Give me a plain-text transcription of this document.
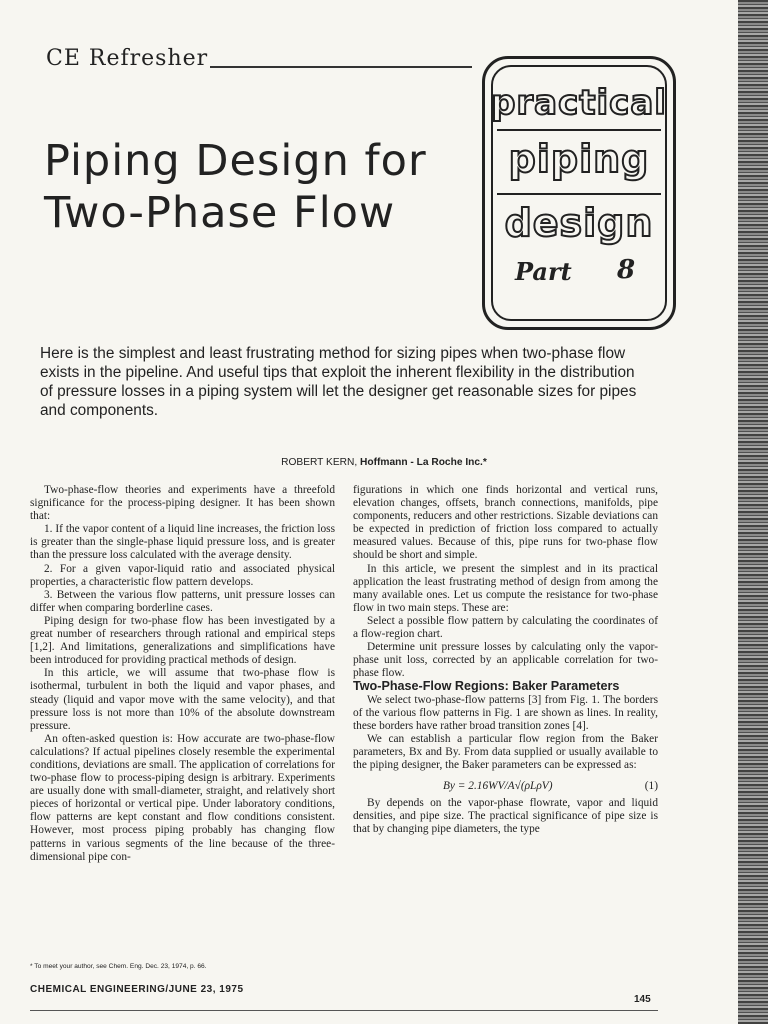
CE Refresher
Piping Design for
Two-Phase Flow
practical
piping
design
Part 8
Here is the simplest and least frustrating method for sizing pipes when two-phase flow exists in the pipeline. And useful tips that exploit the inherent flexibility in the distribution of pressure losses in a piping system will let the designer get reasonable sizes for pipes and components.
ROBERT KERN, Hoffmann - La Roche Inc.*

Two-phase-flow theories and experiments have a threefold significance for the process-piping designer. It has been shown that:

1. If the vapor content of a liquid line increases, the friction loss is greater than the single-phase liquid pressure loss, and is greater than the pressure loss calculated with the average density.

2. For a given vapor-liquid ratio and associated physical properties, a characteristic flow pattern develops.

3. Between the various flow patterns, unit pressure losses can differ when comparing borderline cases.

Piping design for two-phase flow has been investigated by a great number of researchers through rational and empirical steps [1,2]. And limitations, generalizations and simplifications have been introduced for providing practical methods of design.

In this article, we will assume that two-phase flow is isothermal, turbulent in both the liquid and vapor phases, and steady (liquid and vapor move with the same velocity), and that pressure loss is not more than 10% of the absolute downstream pressure.

An often-asked question is: How accurate are two-phase-flow calculations? If actual pipelines closely resemble the experimental conditions, deviations are small. The application of correlations for two-phase flow to process-piping design is arbitrary. Experiments are usually done with small-diameter, straight, and relatively short pieces of horizontal or vertical pipe. Under laboratory conditions, flow patterns are kept constant and flow conditions consistent. However, most process piping probably has changing flow patterns in various segments of the line because of the three-dimensional pipe con-

figurations in which one finds horizontal and vertical runs, elevation changes, offsets, branch connections, manifolds, pipe components, reducers and other restrictions. Sizable deviations can be expected in prediction of friction loss compared to actually measured values. Because of this, pipe runs for two-phase flow should be short and simple.

In this article, we present the simplest and in its practical application the least frustrating method of design from among the many available ones. Let us compute the resistance for two-phase flow in two main steps. These are:

Select a possible flow pattern by calculating the coordinates of a flow-region chart.

Determine unit pressure losses by calculating only the vapor-phase unit loss, corrected by an applicable correlation for two-phase flow.

Two-Phase-Flow Regions: Baker Parameters

We select two-phase-flow patterns [3] from Fig. 1. The borders of the various flow patterns in Fig. 1 are shown as lines. In reality, these borders have rather broad transition zones [4].

We can establish a particular flow region from the Baker parameters, Bx and By. From data supplied or usually available to the piping designer, the Baker parameters can be expressed as:

By = 2.16WV/A√(ρLρV)	(1)

By depends on the vapor-phase flowrate, vapor and liquid densities, and pipe size. The practical significance of pipe size is that by changing pipe diameters, the type

* To meet your author, see Chem. Eng. Dec. 23, 1974, p. 66.
CHEMICAL ENGINEERING/JUNE 23, 1975
145
